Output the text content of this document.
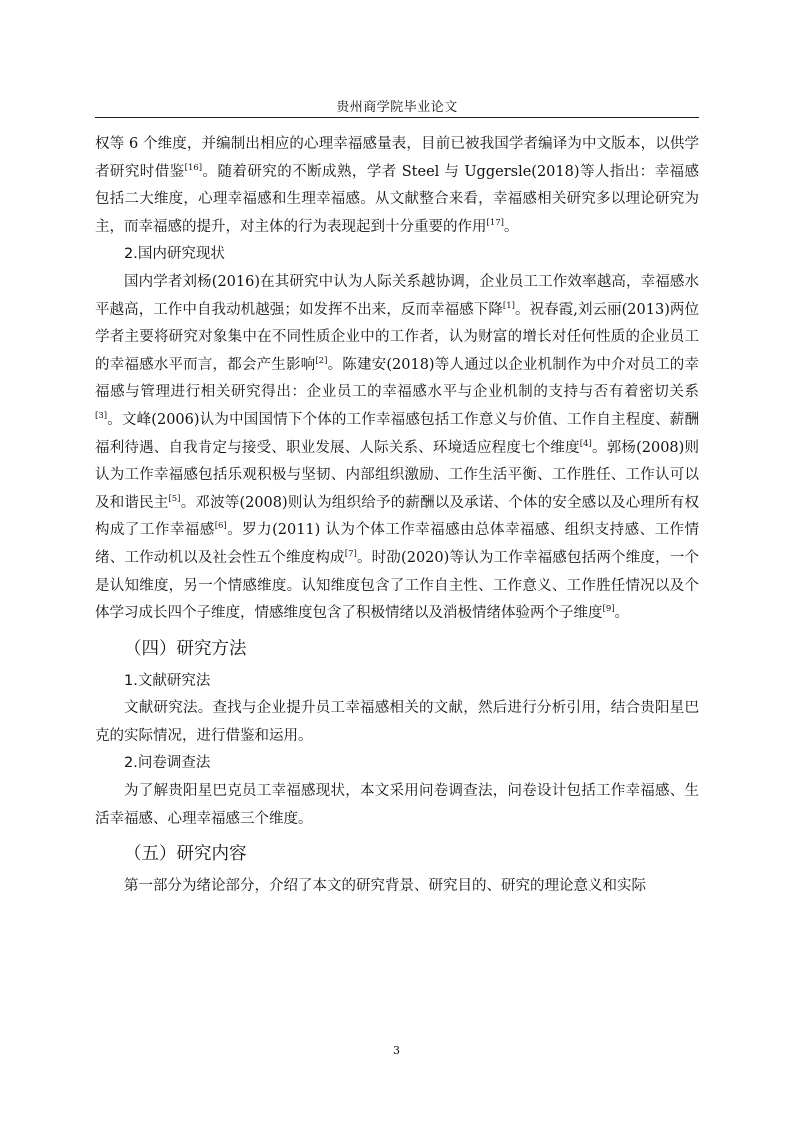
贵州商学院毕业论文

权等 6 个维度，并编制出相应的心理幸福感量表，目前已被我国学者编译为中文版本，以供学者研究时借鉴[16]。随着研究的不断成熟，学者 Steel 与 Uggersle(2018)等人指出：幸福感包括二大维度，心理幸福感和生理幸福感。从文献整合来看，幸福感相关研究多以理论研究为主，而幸福感的提升，对主体的行为表现起到十分重要的作用[17]。

2.国内研究现状

国内学者刘杨(2016)在其研究中认为人际关系越协调，企业员工工作效率越高，幸福感水平越高，工作中自我动机越强；如发挥不出来，反而幸福感下降[1]。祝春霞,刘云丽(2013)两位学者主要将研究对象集中在不同性质企业中的工作者，认为财富的增长对任何性质的企业员工的幸福感水平而言，都会产生影响[2]。陈建安(2018)等人通过以企业机制作为中介对员工的幸福感与管理进行相关研究得出：企业员工的幸福感水平与企业机制的支持与否有着密切关系[3]。文峰(2006)认为中国国情下个体的工作幸福感包括工作意义与价值、工作自主程度、薪酬福利待遇、自我肯定与接受、职业发展、人际关系、环境适应程度七个维度[4]。郭杨(2008)则认为工作幸福感包括乐观积极与坚韧、内部组织激励、工作生活平衡、工作胜任、工作认可以及和谐民主[5]。邓波等(2008)则认为组织给予的薪酬以及承诺、个体的安全感以及心理所有权构成了工作幸福感[6]。罗力(2011) 认为个体工作幸福感由总体幸福感、组织支持感、工作情绪、工作动机以及社会性五个维度构成[7]。时劭(2020)等认为工作幸福感包括两个维度，一个是认知维度，另一个情感维度。认知维度包含了工作自主性、工作意义、工作胜任情况以及个体学习成长四个子维度，情感维度包含了积极情绪以及消极情绪体验两个子维度[9]。

（四）研究方法
1.文献研究法

文献研究法。查找与企业提升员工幸福感相关的文献，然后进行分析引用，结合贵阳星巴克的实际情况，进行借鉴和运用。

2.问卷调查法

为了解贵阳星巴克员工幸福感现状，本文采用问卷调查法，问卷设计包括工作幸福感、生活幸福感、心理幸福感三个维度。

（五）研究内容

第一部分为绪论部分，介绍了本文的研究背景、研究目的、研究的理论意义和实际

3
